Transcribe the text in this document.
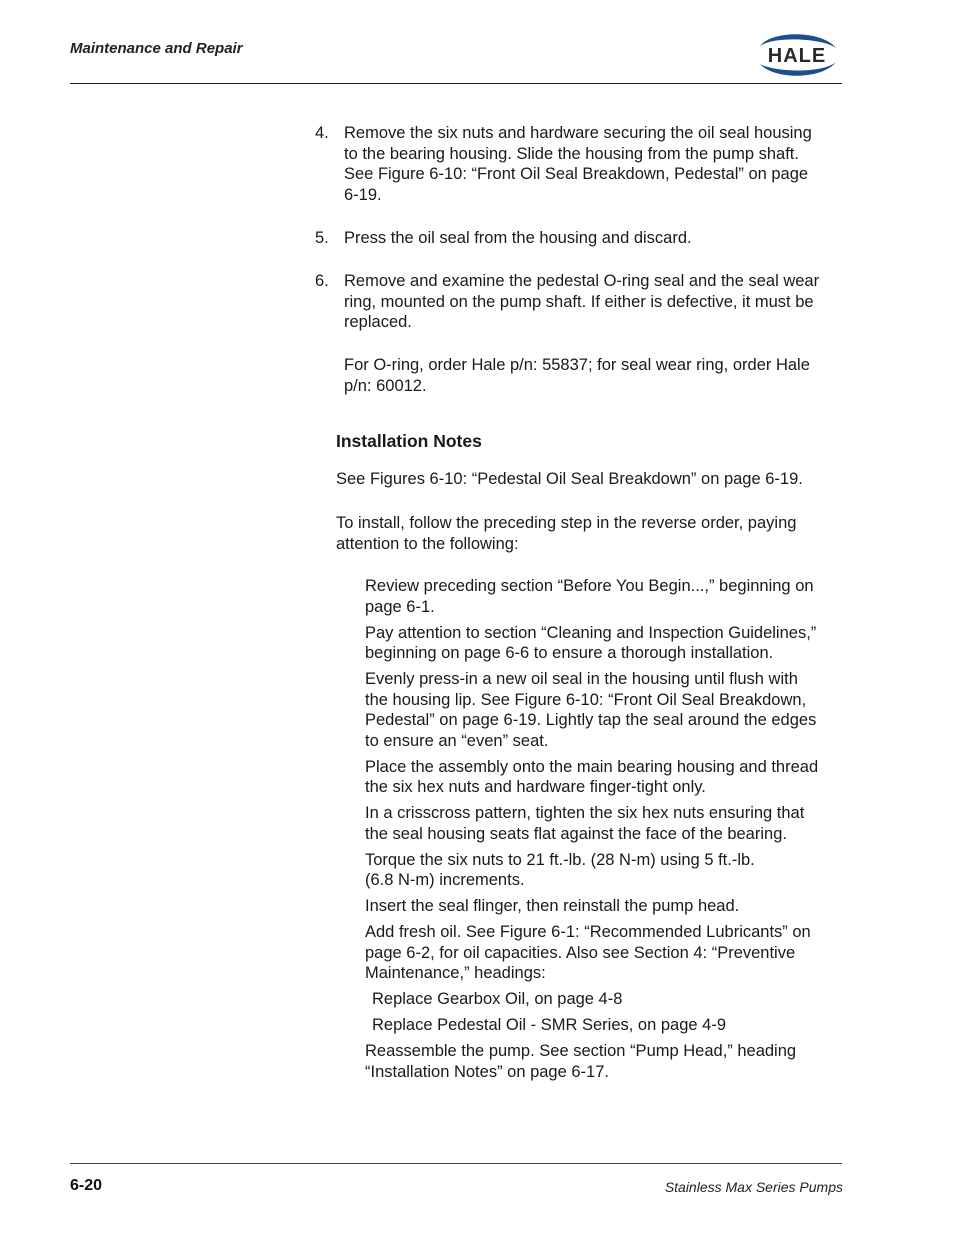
Maintenance and Repair	HALE
4. Remove the six nuts and hardware securing the oil seal housing
to the bearing housing. Slide the housing from the pump shaft.
See Figure 6-10: “Front Oil Seal Breakdown, Pedestal” on page
6-19.
5. Press the oil seal from the housing and discard.
6. Remove and examine the pedestal O-ring seal and the seal wear
ring, mounted on the pump shaft. If either is defective, it must be
replaced.
For O-ring, order Hale p/n: 55837; for seal wear ring, order Hale
p/n: 60012.
Installation Notes
See Figures 6-10: “Pedestal Oil Seal Breakdown” on page 6-19.
To install, follow the preceding step in the reverse order, paying
attention to the following:
Review preceding section “Before You Begin...,” beginning on
page 6-1.
Pay attention to section “Cleaning and Inspection Guidelines,”
beginning on page 6-6 to ensure a thorough installation.
Evenly press-in a new oil seal in the housing until flush with
the housing lip. See Figure 6-10: “Front Oil Seal Breakdown,
Pedestal” on page 6-19. Lightly tap the seal around the edges
to ensure an “even” seat.
Place the assembly onto the main bearing housing and thread
the six hex nuts and hardware finger-tight only.
In a crisscross pattern, tighten the six hex nuts ensuring that
the seal housing seats flat against the face of the bearing.
Torque the six nuts to 21 ft.-lb. (28 N-m) using 5 ft.-lb.
(6.8 N-m) increments.
Insert the seal flinger, then reinstall the pump head.
Add fresh oil. See Figure 6-1: “Recommended Lubricants” on
page 6-2, for oil capacities. Also see Section 4: “Preventive
Maintenance,” headings:
Replace Gearbox Oil, on page 4-8
Replace Pedestal Oil - SMR Series, on page 4-9
Reassemble the pump. See section “Pump Head,” heading
“Installation Notes” on page 6-17.
6-20	Stainless Max Series Pumps
